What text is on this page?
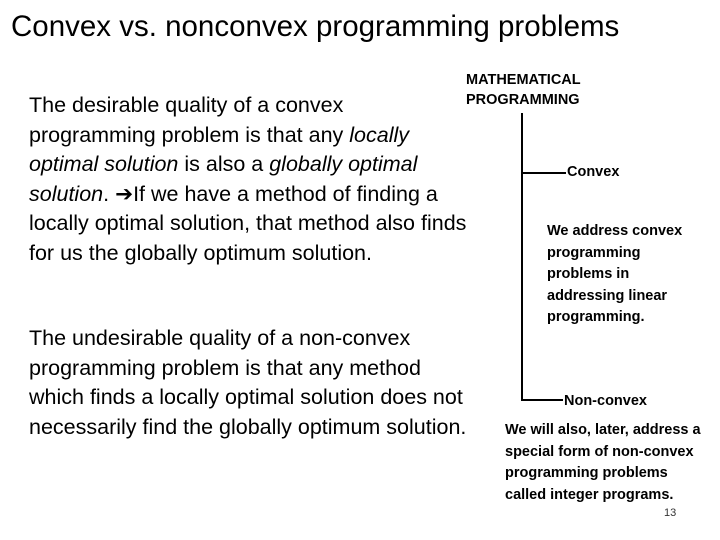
Convex vs. nonconvex programming problems
The desirable quality of a convex programming problem is that any locally optimal solution is also a globally optimal solution. ➔If we have a method of finding a locally optimal solution, that method also finds for us the globally optimum solution.
The undesirable quality of a non-convex programming problem is that any method which finds a locally optimal solution does not necessarily find the globally optimum solution.
MATHEMATICAL PROGRAMMING
Convex
We address convex programming problems in addressing linear programming.
Non-convex
We will also, later, address a special form of non-convex programming problems called integer programs.
13
